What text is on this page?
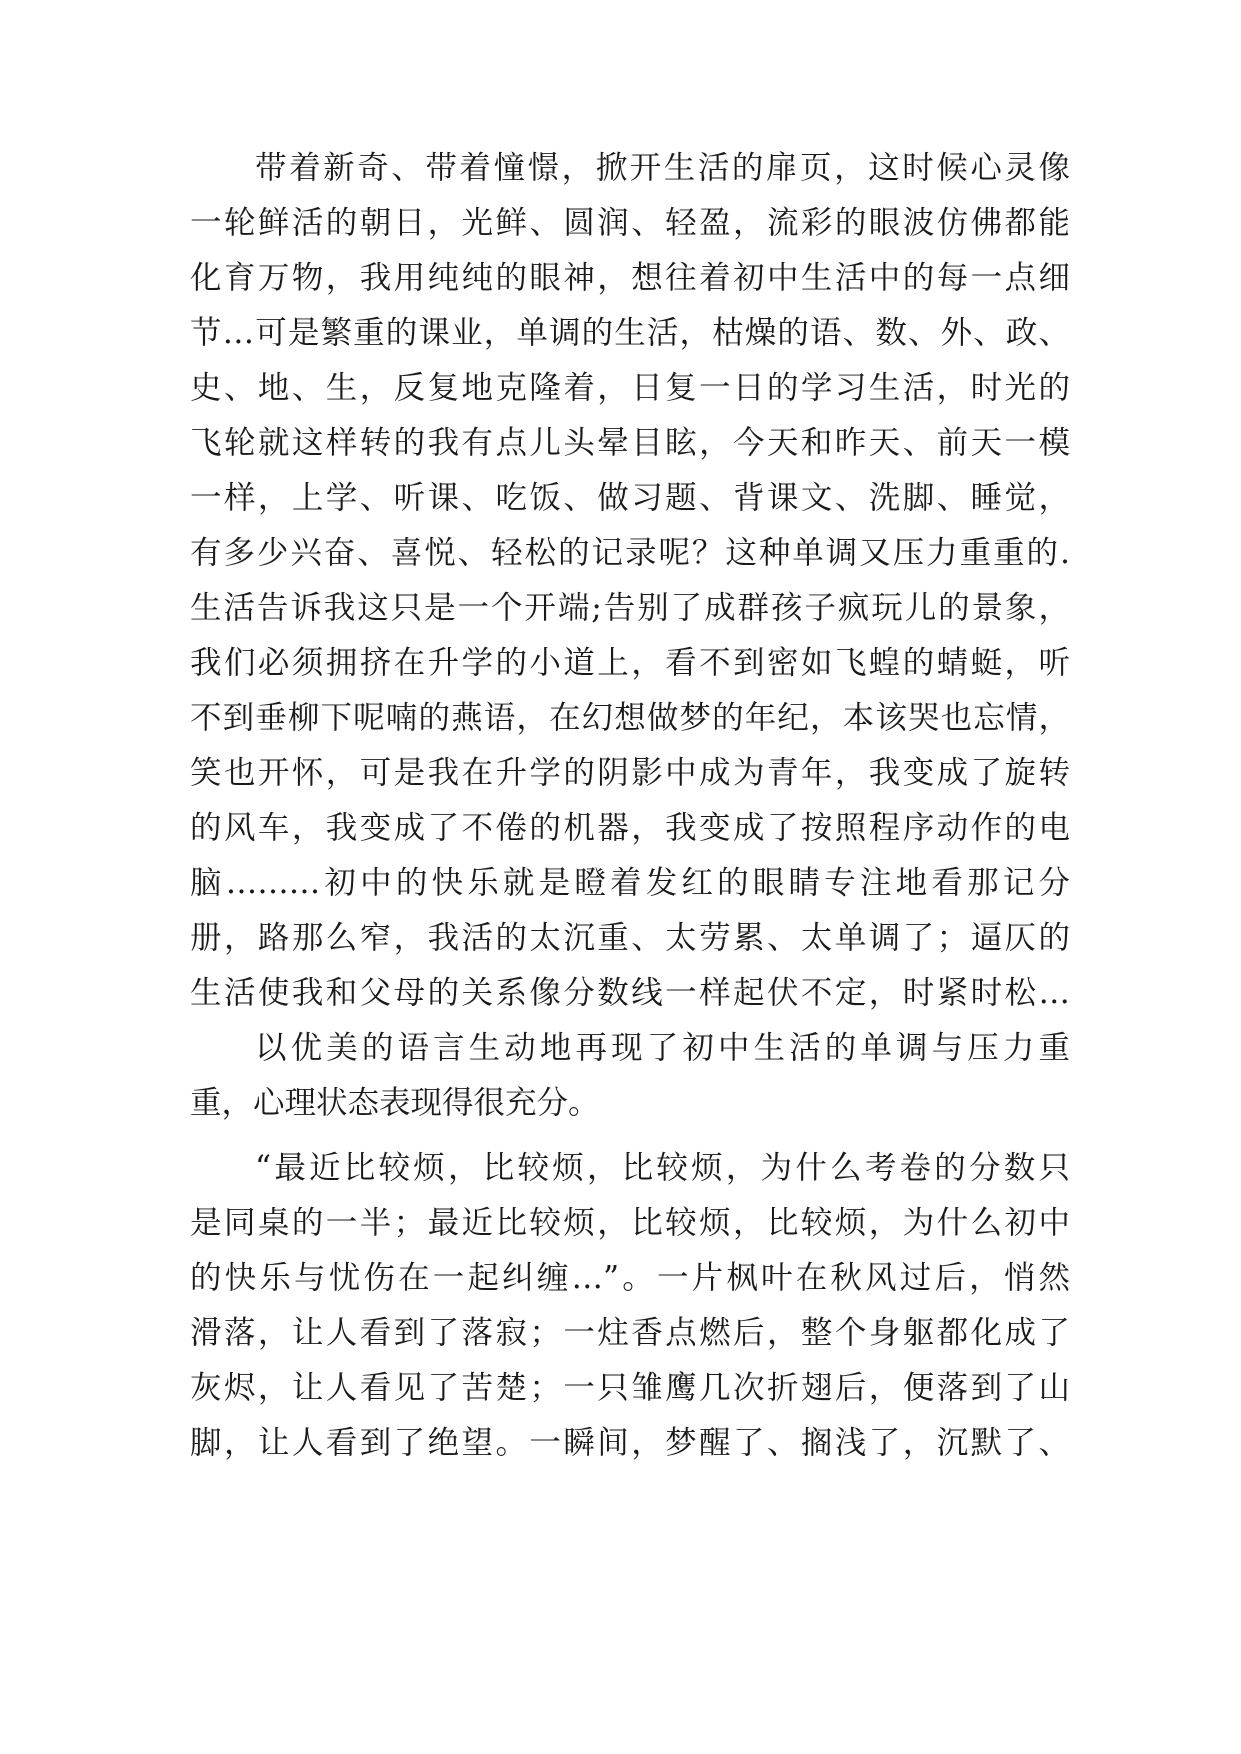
带着新奇、带着憧憬，掀开生活的扉页，这时候心灵像
一轮鲜活的朝日，光鲜、圆润、轻盈，流彩的眼波仿佛都能
化育万物，我用纯纯的眼神，想往着初中生活中的每一点细
节…可是繁重的课业，单调的生活，枯燥的语、数、外、政、
史、地、生，反复地克隆着，日复一日的学习生活，时光的
飞轮就这样转的我有点儿头晕目眩，今天和昨天、前天一模
一样，上学、听课、吃饭、做习题、背课文、洗脚、睡觉，
有多少兴奋、喜悦、轻松的记录呢？这种单调又压力重重的.
生活告诉我这只是一个开端;告别了成群孩子疯玩儿的景象，
我们必须拥挤在升学的小道上，看不到密如飞蝗的蜻蜓，听
不到垂柳下呢喃的燕语，在幻想做梦的年纪，本该哭也忘情，
笑也开怀，可是我在升学的阴影中成为青年，我变成了旋转
的风车，我变成了不倦的机器，我变成了按照程序动作的电
脑………初中的快乐就是瞪着发红的眼睛专注地看那记分
册，路那么窄，我活的太沉重、太劳累、太单调了；逼仄的
生活使我和父母的关系像分数线一样起伏不定，时紧时松…
以优美的语言生动地再现了初中生活的单调与压力重
重，心理状态表现得很充分。
“最近比较烦，比较烦，比较烦，为什么考卷的分数只
是同桌的一半；最近比较烦，比较烦，比较烦，为什么初中
的快乐与忧伤在一起纠缠…”。一片枫叶在秋风过后，悄然
滑落，让人看到了落寂；一炷香点燃后，整个身躯都化成了
灰烬，让人看见了苦楚；一只雏鹰几次折翅后，便落到了山
脚，让人看到了绝望。一瞬间，梦醒了、搁浅了，沉默了、
